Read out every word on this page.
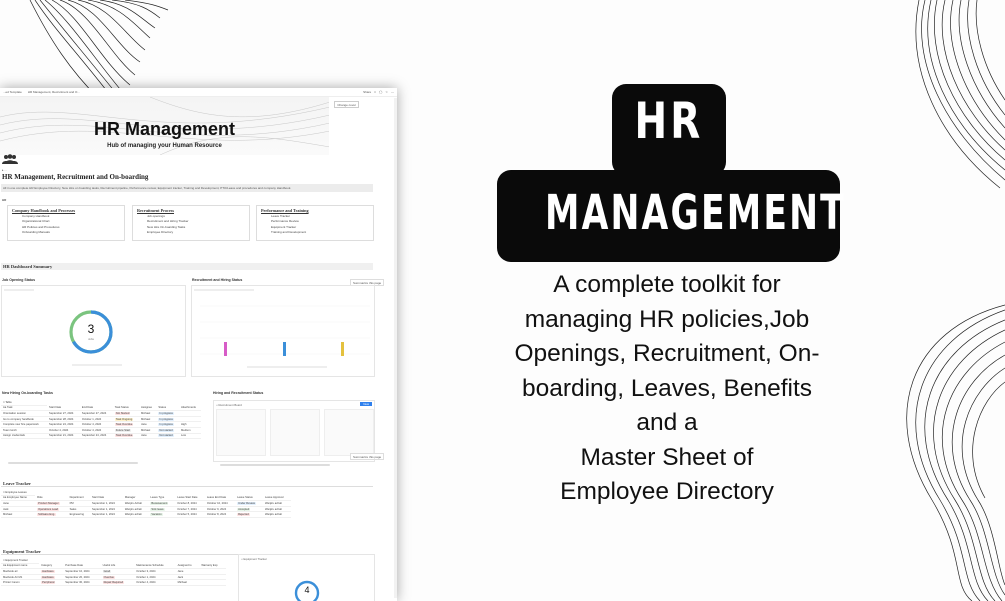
...ed Template HR Management, Recruitment and O...	Share □ ◯ ☆ ⋯
HR Management
Hub of managing your Human Resource
Change cover
▸ ...
HR Management, Recruitment and On-boarding
All in one complete HR Employee Directory, New Hire on boarding tasks, Recruitment pipeline, Performance review, Equipment tracker, Training and Development, PTO/Leave and procedures and company Handbook.
HR
Company Handbook and Processes
Company Handbook
Organizational Chart
HR Policies and Procedures
Onboarding Manuals
Recruitment Process
Job openings
Recruitment and Hiring Tracker
New Hire On-boarding Tasks
Employee Directory
Performance and Training
Leave Tracker
Performance Review
Equipment Tracker
Training and Development
HR Dashboard Summary
Job Opening Status	Recruitment and Hiring Status
Summarize this page
3
Jobs
New Hiring On-boarding Tasks	Hiring and Recruitment Status
□ Table						
Aa Task	Start Date	End Date	Task Status	Assignee	Status	Attachments
Orientation session	September 27, 2024	September 27, 2024	Not Started	Michael	In progress	
Go to company handbook	September 28, 2024	October 1, 2024	Task Ongoing	Michael	In progress	
Complete new hire paperwork	September 24, 2024	October 4, 2024	Task Overdue	Jane	In progress	High
Team lunch	October 4, 2024	October 4, 2024	Future Start	Michael	Not started	Medium
Assign credentials	September 21, 2024	September 24, 2024	Task Overdue	Jane	Not started	Low
□ Recruitment Board	New
Summarize this page
Leave Tracker
□ Employee Leaves									
Aa Employee Name	Role	Department	Start Date	Manager	Leave Type	Leave Start Date	Leave End Date	Leave Status	Leave Approver
Jane	Product Manager	PM	September 1, 2024	Wanjiru Achali	Bereavement	October 8, 2024	October 10, 2024	Under Review	Wanjiru achali
Jack	Operations Lead	Sales	September 1, 2024	Wanjiru achali	Sick leave	October 7, 2024	October 9, 2024	Accepted	Wanjiru achali
Michael	Software Eng.	Engineering	September 1, 2024	Wanjiru achali	Vacation	October 5, 2024	October 8, 2024	Rejected	Wanjiru achali
Equipment Tracker
□ Equipment Tracker						
Aa Equipment name	Category	Purchase Date	Useful Life	Maintenance Schedule	Assigned to	Warranty Exp
Macbook air	Hardware	September 10, 2024	Good	October 3, 2024	Jane	
Macbook Air M1	Hardware	September 20, 2024	Overdue	October 1, 2024	Jack	
Printer Canon	Peripheral	September 30, 2024	Repair Required	October 4, 2024	Michael	
□ Equipment Tracker
4
HR
MANAGEMENT
A complete toolkit for
managing HR policies,Job
Openings, Recruitment, On-
boarding, Leaves, Benefits
and a
Master Sheet of
Employee Directory
